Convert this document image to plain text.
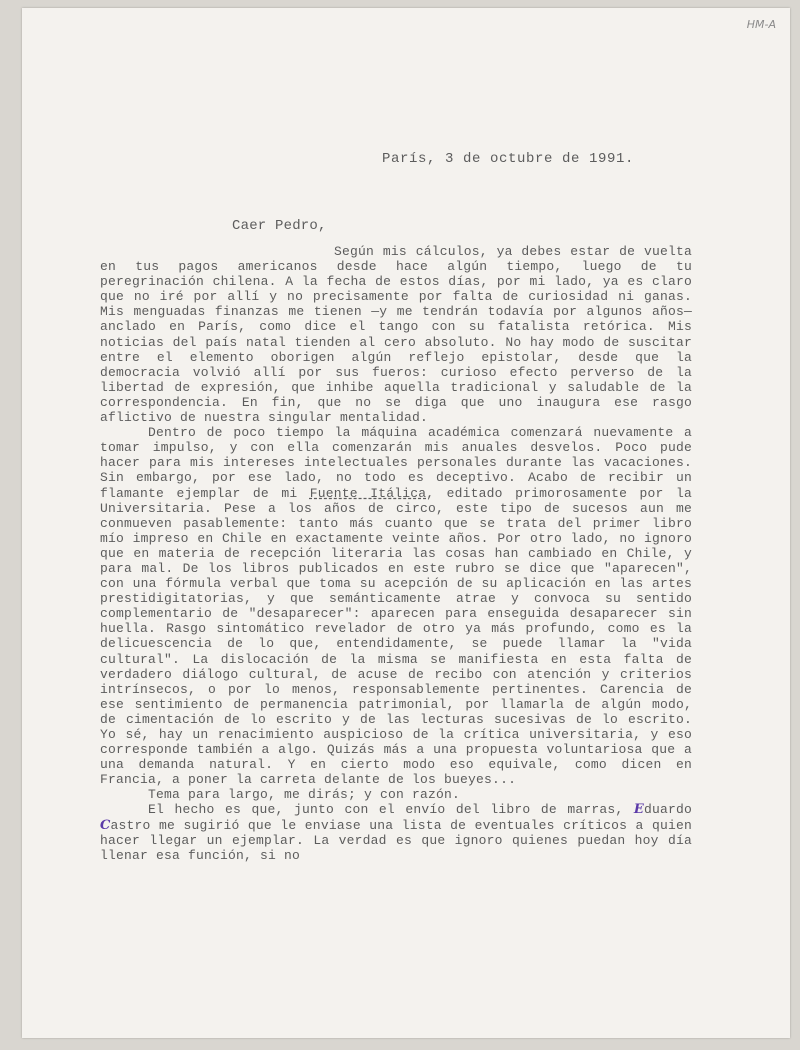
HM-A
París, 3 de octubre de 1991.
Caer Pedro,

Según mis cálculos, ya debes estar de vuelta en tus pagos americanos desde hace algún tiempo, luego de tu peregrinación chilena. A la fecha de estos días, por mi lado, ya es claro que no iré por allí y no precisamente por falta de curiosidad ni ganas. Mis menguadas finanzas me tienen —y me tendrán todavía por algunos años— anclado en París, como dice el tango con su fatalista retórica. Mis noticias del país natal tienden al cero absoluto. No hay modo de suscitar entre el elemento oborigen algún reflejo epistolar, desde que la democracia volvió allí por sus fueros: curioso efecto perverso de la libertad de expresión, que inhibe aquella tradicional y saludable de la correspondencia. En fin, que no se diga que uno inaugura ese rasgo aflictivo de nuestra singular mentalidad.

Dentro de poco tiempo la máquina académica comenzará nuevamente a tomar impulso, y con ella comenzarán mis anuales desvelos. Poco pude hacer para mis intereses intelectuales personales durante las vacaciones. Sin embargo, por ese lado, no todo es deceptivo. Acabo de recibir un flamante ejemplar de mi Fuente Itálica, editado primorosamente por la Universitaria. Pese a los años de circo, este tipo de sucesos aun me conmueven pasablemente: tanto más cuanto que se trata del primer libro mío impreso en Chile en exactamente veinte años. Por otro lado, no ignoro que en materia de recepción literaria las cosas han cambiado en Chile, y para mal. De los libros publicados en este rubro se dice que "aparecen", con una fórmula verbal que toma su acepción de su aplicación en las artes prestidigitatorias, y que semánticamente atrae y convoca su sentido complementario de "desaparecer": aparecen para enseguida desaparecer sin huella. Rasgo sintomático revelador de otro ya más profundo, como es la delicuescencia de lo que, entendidamente, se puede llamar la "vida cultural". La dislocación de la misma se manifiesta en esta falta de verdadero diálogo cultural, de acuse de recibo con atención y criterios intrínsecos, o por lo menos, responsablemente pertinentes. Carencia de ese sentimiento de permanencia patrimonial, por llamarla de algún modo, de cimentación de lo escrito y de las lecturas sucesivas de lo escrito. Yo sé, hay un renacimiento auspicioso de la crítica universitaria, y eso corresponde también a algo. Quizás más a una propuesta voluntariosa que a una demanda natural. Y en cierto modo eso equivale, como dicen en Francia, a poner la carreta delante de los bueyes...

Tema para largo, me dirás; y con razón.

El hecho es que, junto con el envío del libro de marras, Eduardo Castro me sugirió que le enviase una lista de eventuales críticos a quien hacer llegar un ejemplar. La verdad es que ignoro quienes puedan hoy día llenar esa función, si no
